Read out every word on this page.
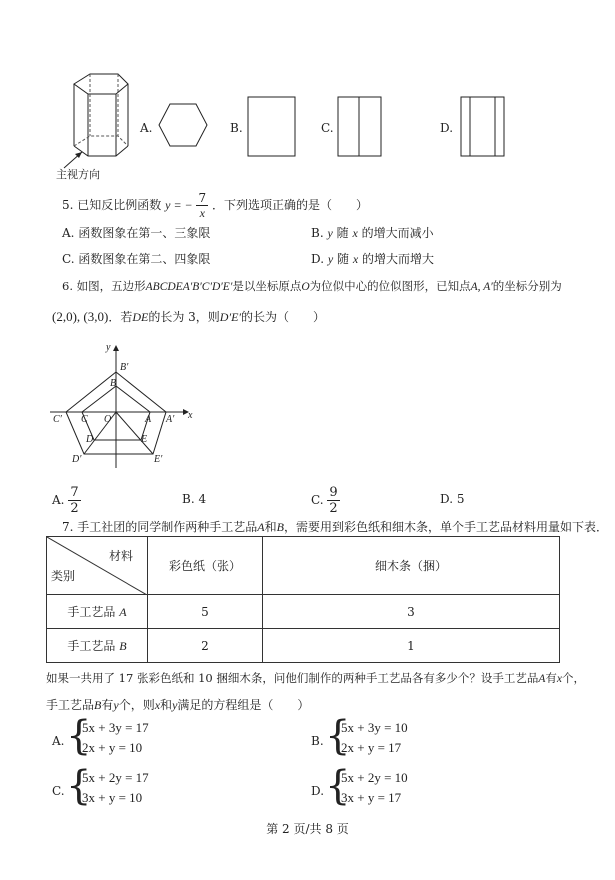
主视方向
A.	B.	C.	D.
5. 已知反比例函数 y = − $\frac{7}{x}$ ．下列选项正确的是（　　）
A. 函数图象在第一、三象限	B. y 随 x 的增大而减小
C. 函数图象在第二、四象限	D. y 随 x 的增大而增大
6. 如图，五边形ABCDEA′B′C′D′E′是以坐标原点O为位似中心的位似图形，已知点A, A′的坐标分别为
(2,0), (3,0)．若DE的长为 3，则D′E′的长为（　　）
y
x
B′
B
C′ C O	A A′
D	E
D′	E′
A. $\frac{7}{2}$	B. 4	C. $\frac{9}{2}$	D. 5
7. 手工社团的同学制作两种手工艺品A和B，需要用到彩色纸和细木条，单个手工艺品材料用量如下表．
材料
类别	彩色纸（张）	细木条（捆）
手工艺品 A	5	3
手工艺品 B	2	1
如果一共用了 17 张彩色纸和 10 捆细木条，问他们制作的两种手工艺品各有多少个？设手工艺品A有x个，
手工艺品B有y个，则x和y满足的方程组是（　　）
A. {
5x + 3y = 17
2x + y = 10	B. {
5x + 3y = 10
2x + y = 17
C. {
5x + 2y = 17
3x + y = 10	D. {
5x + 2y = 10
3x + y = 17
第 2 页/共 8 页
